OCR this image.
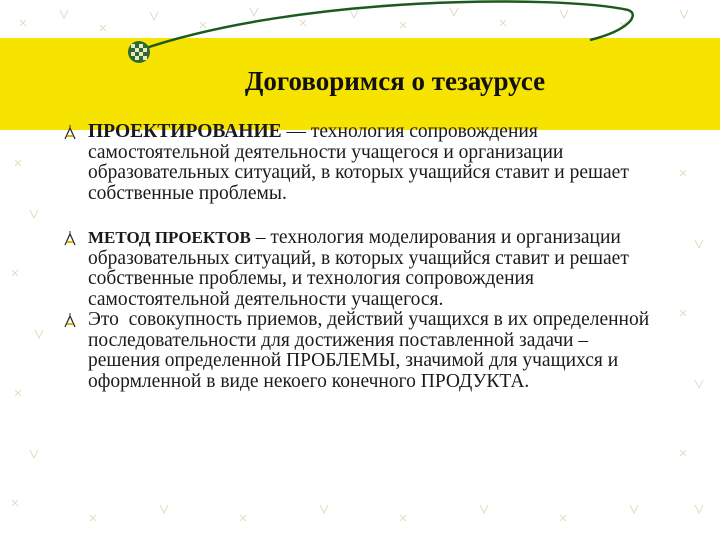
Договоримся о тезаурусе
ПРОЕКТИРОВАНИЕ — технология сопровождения самостоятельной деятельности учащегося и организации образовательных ситуаций, в которых учащийся ставит и решает собственные проблемы.
МЕТОД ПРОЕКТОВ – технология моделирования и организации образовательных ситуаций, в которых учащийся ставит и решает собственные проблемы, и технология сопровождения самостоятельной деятельности учащегося.
Это  совокупность приемов, действий учащихся в их определенной последовательности для достижения поставленной задачи – решения определенной ПРОБЛЕМЫ, значимой для учащихся и оформленной в виде некоего конечного ПРОДУКТА.
